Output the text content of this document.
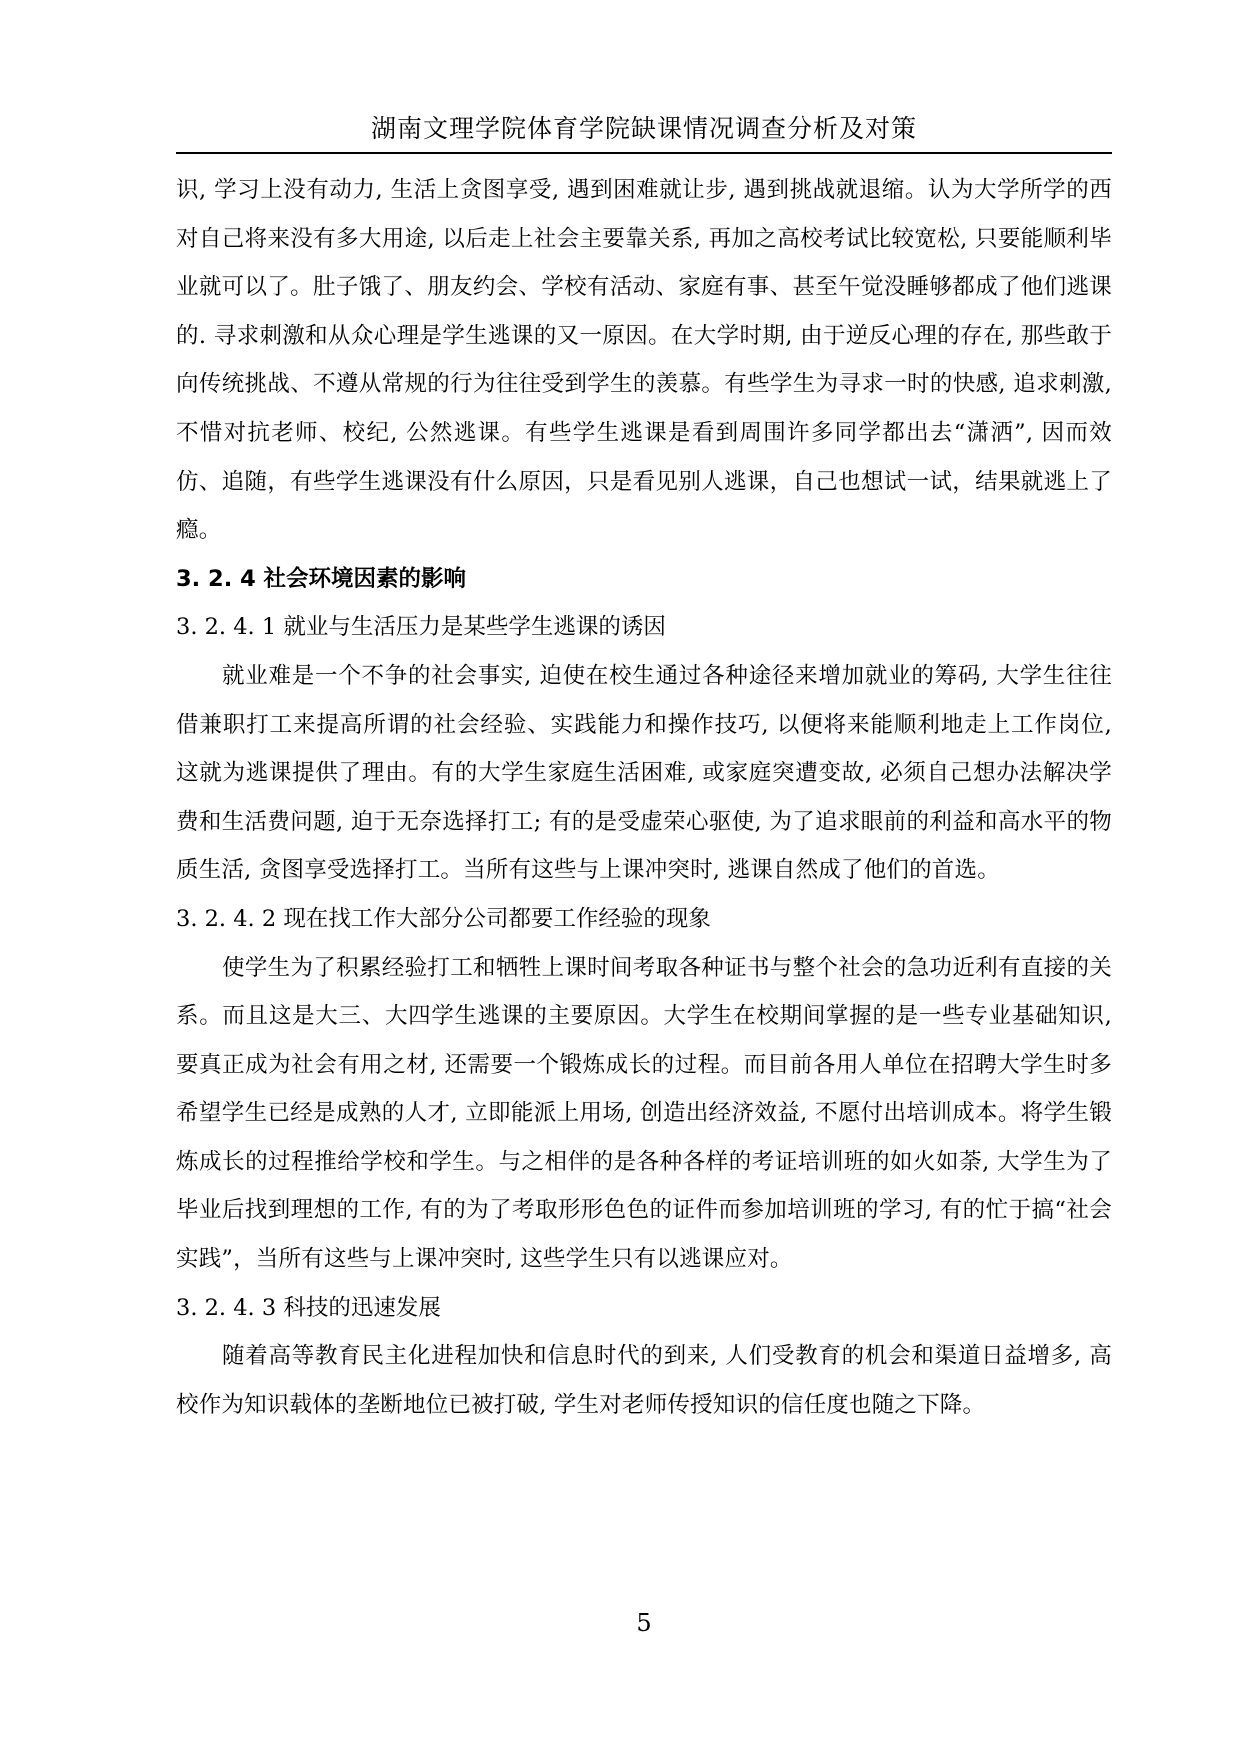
湖南文理学院体育学院缺课情况调查分析及对策

识, 学习上没有动力, 生活上贪图享受, 遇到困难就让步, 遇到挑战就退缩。认为大学所学的西对自己将来没有多大用途, 以后走上社会主要靠关系, 再加之高校考试比较宽松, 只要能顺利毕业就可以了。肚子饿了、朋友约会、学校有活动、家庭有事、甚至午觉没睡够都成了他们逃课的. 寻求刺激和从众心理是学生逃课的又一原因。在大学时期, 由于逆反心理的存在, 那些敢于向传统挑战、不遵从常规的行为往往受到学生的羡慕。有些学生为寻求一时的快感, 追求刺激, 不惜对抗老师、校纪, 公然逃课。有些学生逃课是看到周围许多同学都出去“潇洒”, 因而效仿、追随，有些学生逃课没有什么原因，只是看见别人逃课，自己也想试一试，结果就逃上了瘾。

3. 2. 4 社会环境因素的影响
3. 2. 4. 1 就业与生活压力是某些学生逃课的诱因

就业难是一个不争的社会事实, 迫使在校生通过各种途径来增加就业的筹码, 大学生往往借兼职打工来提高所谓的社会经验、实践能力和操作技巧, 以便将来能顺利地走上工作岗位, 这就为逃课提供了理由。有的大学生家庭生活困难, 或家庭突遭变故, 必须自己想办法解决学费和生活费问题, 迫于无奈选择打工; 有的是受虚荣心驱使, 为了追求眼前的利益和高水平的物质生活, 贪图享受选择打工。当所有这些与上课冲突时, 逃课自然成了他们的首选。

3. 2. 4. 2 现在找工作大部分公司都要工作经验的现象

使学生为了积累经验打工和牺牲上课时间考取各种证书与整个社会的急功近利有直接的关系。而且这是大三、大四学生逃课的主要原因。大学生在校期间掌握的是一些专业基础知识, 要真正成为社会有用之材, 还需要一个锻炼成长的过程。而目前各用人单位在招聘大学生时多希望学生已经是成熟的人才, 立即能派上用场, 创造出经济效益, 不愿付出培训成本。将学生锻炼成长的过程推给学校和学生。与之相伴的是各种各样的考证培训班的如火如荼, 大学生为了毕业后找到理想的工作, 有的为了考取形形色色的证件而参加培训班的学习, 有的忙于搞“社会实践”，当所有这些与上课冲突时, 这些学生只有以逃课应对。

3. 2. 4. 3 科技的迅速发展

随着高等教育民主化进程加快和信息时代的到来, 人们受教育的机会和渠道日益增多, 高校作为知识载体的垄断地位已被打破, 学生对老师传授知识的信任度也随之下降。

5
